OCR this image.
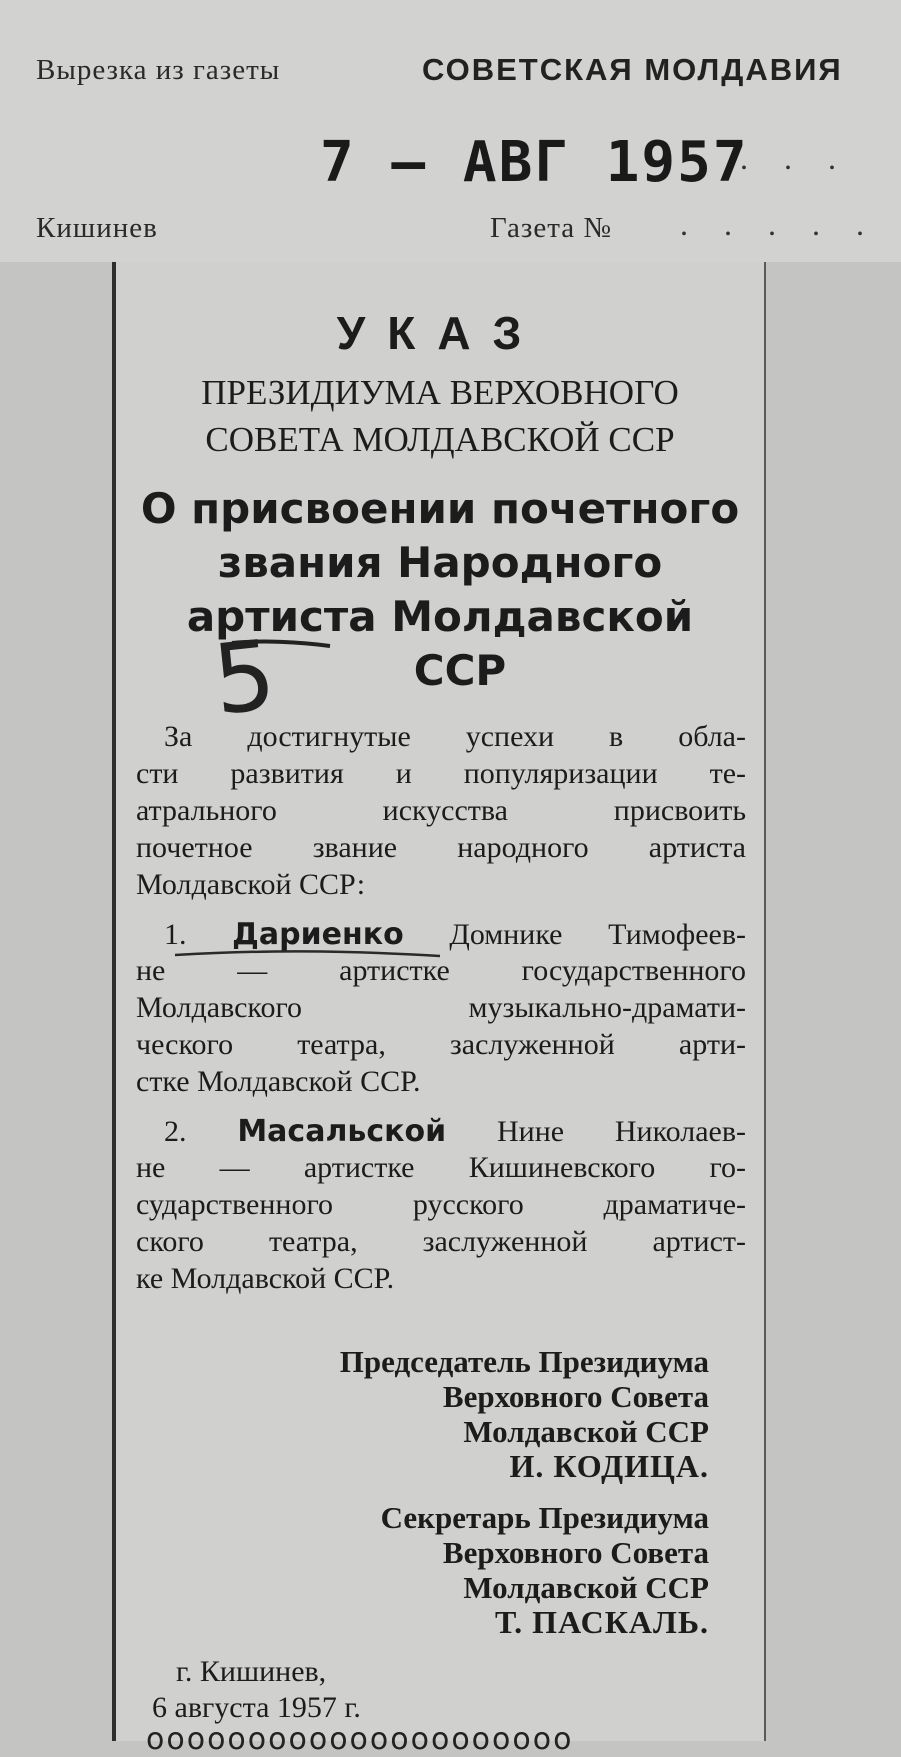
Вырезка из газеты	СОВЕТСКАЯ МОЛДАВИЯ
7 — АВГ 1957
Кишинев	Газета № . . . . .
. . .
УКАЗ
ПРЕЗИДИУМА ВЕРХОВНОГО
СОВЕТА МОЛДАВСКОЙ ССР
О присвоении почетного
звания Народного
артиста Молдавской
ССР
За достигнутые успехи в обла-
сти развития и популяризации те-
атрального искусства присвоить
почетное звание народного артиста
Молдавской ССР:
1. Дариенко Домнике Тимофеев-
не — артистке государственного
Молдавского музыкально-драмати-
ческого театра, заслуженной арти-
стке Молдавской ССР.
2. Масальской Нине Николаев-
не — артистке Кишиневского го-
сударственного русского драматиче-
ского театра, заслуженной артист-
ке Молдавской ССР.
Председатель Президиума
Верховного Совета
Молдавской ССР
И. КОДИЦА.
Секретарь Президиума
Верховного Совета
Молдавской ССР
Т. ПАСКАЛЬ.
г. Кишинев,
6 августа 1957 г.
ooooooooooooooooooooo
5
